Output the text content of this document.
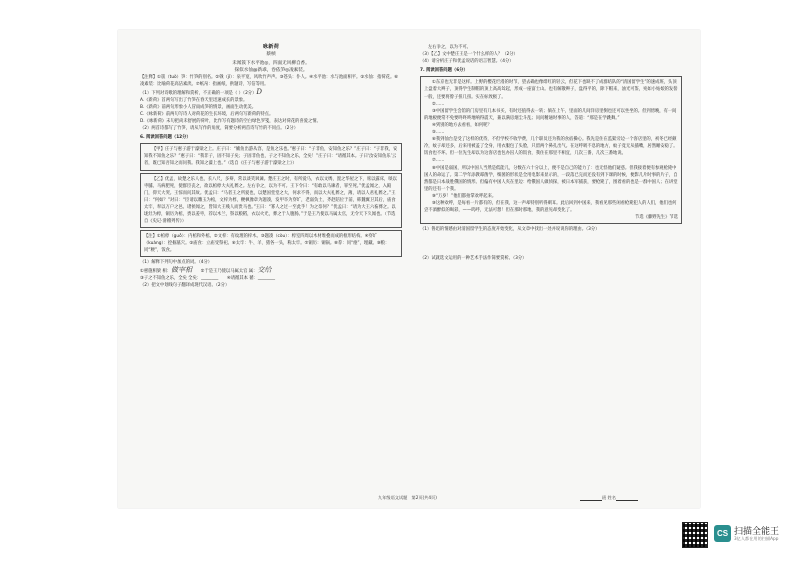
咏新荷
蔡桢
未闻簇下水平池◎，四面无风柳自香。
探似水仙@新乖，卷依笋◎凌素装。

【注释】①簇（tuò）笋：竹笋的别名。②戟（jǐ）：泉平宽，风吹竹声声。③苍头：仆人。④水平池：水与池面相平。⑤水仙：指荷花。⑥凌素装：比喻荷花高洁素淡。⑦纸帛：指画纸，供题诗、写信等用。

（1）下列对诗歌的理解和赏析，不正确的一项是（ ）（2分）D

A.《新荷》首两句写出了竹笋在春天里迅速成长的景象。

B.《新荷》前两句形象小人冒雨成笋的情景，画面生动优美。

C.《咏新荷》前两句写诗人对荷花的生长环境，后两句写新荷的特点。

D.《咏新荷》末句把尚未舒展的荷叶，比作写有题诗的空白绿色罗笺，表达对荷花的喜爱之情。

（2）两首诗都写了竹笋，请从写作的角度，简要分析两首诗写竹的不同点。（2分）

6. 阅读回答问题（12分）

【甲】庄子与惠子游于濠梁之上。庄子曰：“鯈鱼出游从容，是鱼之乐也。”惠子曰：“子非鱼，安知鱼之乐？”庄子曰：“子非我，安知我不知鱼之乐？”惠子曰：“我非子，固不知子矣；子固非鱼也，子之不知鱼之乐，全矣！”庄子曰：“请循其本。子曰‘汝安知鱼乐’云者，既已知吾知之而问我。我知之濠上也。”（选自《庄子与惠子游于濠梁之上》）

【乙】优孟，故楚之乐人也，长八尺，多辩，常以谈笑讽谏。楚庄王之时，有所爱马，衣以文绣，置之华屋之下，席以露床，啖以枣脯。马病肥死，使群臣丧之，欲以棺椁大夫礼葬之。左右争之，以为不可。王下令曰：“有敢以马谏者，罪至死。”优孟闻之，入殿门，仰天大哭。王惊而问其故。优孟曰：“马者王之所爱也，以楚国堂堂之大，何求不得，而以大夫礼葬之，薄，请以人君礼葬之。”王曰：“何如？”对曰：“臣请以雕玉为棺，文梓为椁，楩枫豫章为题凑，发甲卒为穿圹，老弱负土，齐赵陪位于前，韩魏翼卫其后，庙食太牢，奉以万户之邑。诸侯闻之，皆知大王贱人而贵马也。”王曰：“寡人之过一至此乎！为之奈何？”优孟曰：“请为大王六畜葬之。以垅灶为椁，铜历为棺，赍以姜枣，荐以木兰，祭以粮稻，衣以火光，葬之于人腹肠。”于是王乃使以马属太官，无令天下久闻也。（节选自《史记·滑稽列传》）

【注】①棺椁（guǒ）：内棺和外棺。②文梓：有纹理的梓木。③题凑（còu）：椁室四周以木材堆叠而成的框形结构。④穿圹（kuàng）：挖掘墓穴。⑤庙食：立庙受祭祀。⑥太牢：牛、羊、猪各一头，称太牢。⑦铜历：铜锅。⑧荐：同“瘗”，埋藏。⑨粮：同“粳”，饭食。

（1）解释下列句中加点的词。（4分）

①惠施相梁 相：做宰相　　 ②于是王乃使以马属太官 属：交给

③子之不知鱼之乐，全矣 全矣：________　　④请循其本 循：________

（2）把文中划线句子翻译成现代汉语。（2分）

左右争之，以为不可。

（3）【乙】文中楚庄王是一个什么样的人？（2分）

（4）请分析庄子和优孟说话的语言智慧。（4分）

7. 阅读回答问题（6分）

①东京也无非是这样。上野的樱花烂漫的时节，望去确也像绯红的轻云，但花下也缺不了成群结队的“清国留学生”的速成班，头顶上盘着大辫子，顶得学生制帽的顶上高高耸起，形成一座富士山。也有解散辫子，盘得平的，除下帽来，油光可鉴，宛如小姑娘的发髻一般，还要将脖子扭几扭。实在标致极了。

②……

③中国留学生会馆的门房里有几本书买，有时还值得去一转；倘在上午，里面的几间洋房里倒也还可以坐坐的。但到傍晚，有一间的地板便常不免要咚咚咚地响得震天，兼以满房烟尘斗乱；问问精通时事的人，答道：“那是在学跳舞。”

④到别的地方去看看，如何呢？

⑤……

⑥我到仙台是受了这样的优待，不但学校不收学费，几个职员还为我的食宿操心。我先是住在监狱旁边一个客店里的，初冬已经颇冷，蚊子却还多，后来用被盖了全身，用衣服包了头脸，只留两个鼻孔出气。在这呼吸不息的地方，蚊子竟无从插嘴，居然睡安稳了。饭食也不坏。但一位先生却以为这客店也包办囚人的饭食，我住在那里不相宜，几次三番，几次三番地说。

⑦……

⑧中国是弱国，所以中国人当然是低能儿，分数在六十分以上，便不是自己的能力了：也无怪他们疑惑。但我接着便有参观枪毙中国人的命运了。第二学年添教霉菌学，细菌的形状是全用电影来显示的，一段落已完而还没有到下课的时候，便影几片时事的片子，自然都是日本战胜俄国的情形。但偏有中国人夹在里边：给俄国人做侦探，被日本军捕获，要枪毙了，围着看的也是一群中国人；在讲堂里的还有一个我。

⑨“万岁！”他们都拍掌欢呼起来。

⑩这种欢呼，是每看一片都有的，但在我，这一声却特别听得刺耳。此后回到中国来，我看见那些闲看枪毙犯人的人们，他们也何尝不酒醉似的喝彩，——呜呼，无法可想！但在那时那地，我的意见却变化了。

节选《藤野先生》节选

（1）鲁迅的情感由对清国留学生的态度开始变化，从文章中找出一处并说说你的理由。（3分）

（2）试就选文运用的一种艺术手法作简要赏析。（3分）

九年级语文试题　第2页(共4页)	班 姓名
CS 扫描全能王
3亿人都在用的扫描App
